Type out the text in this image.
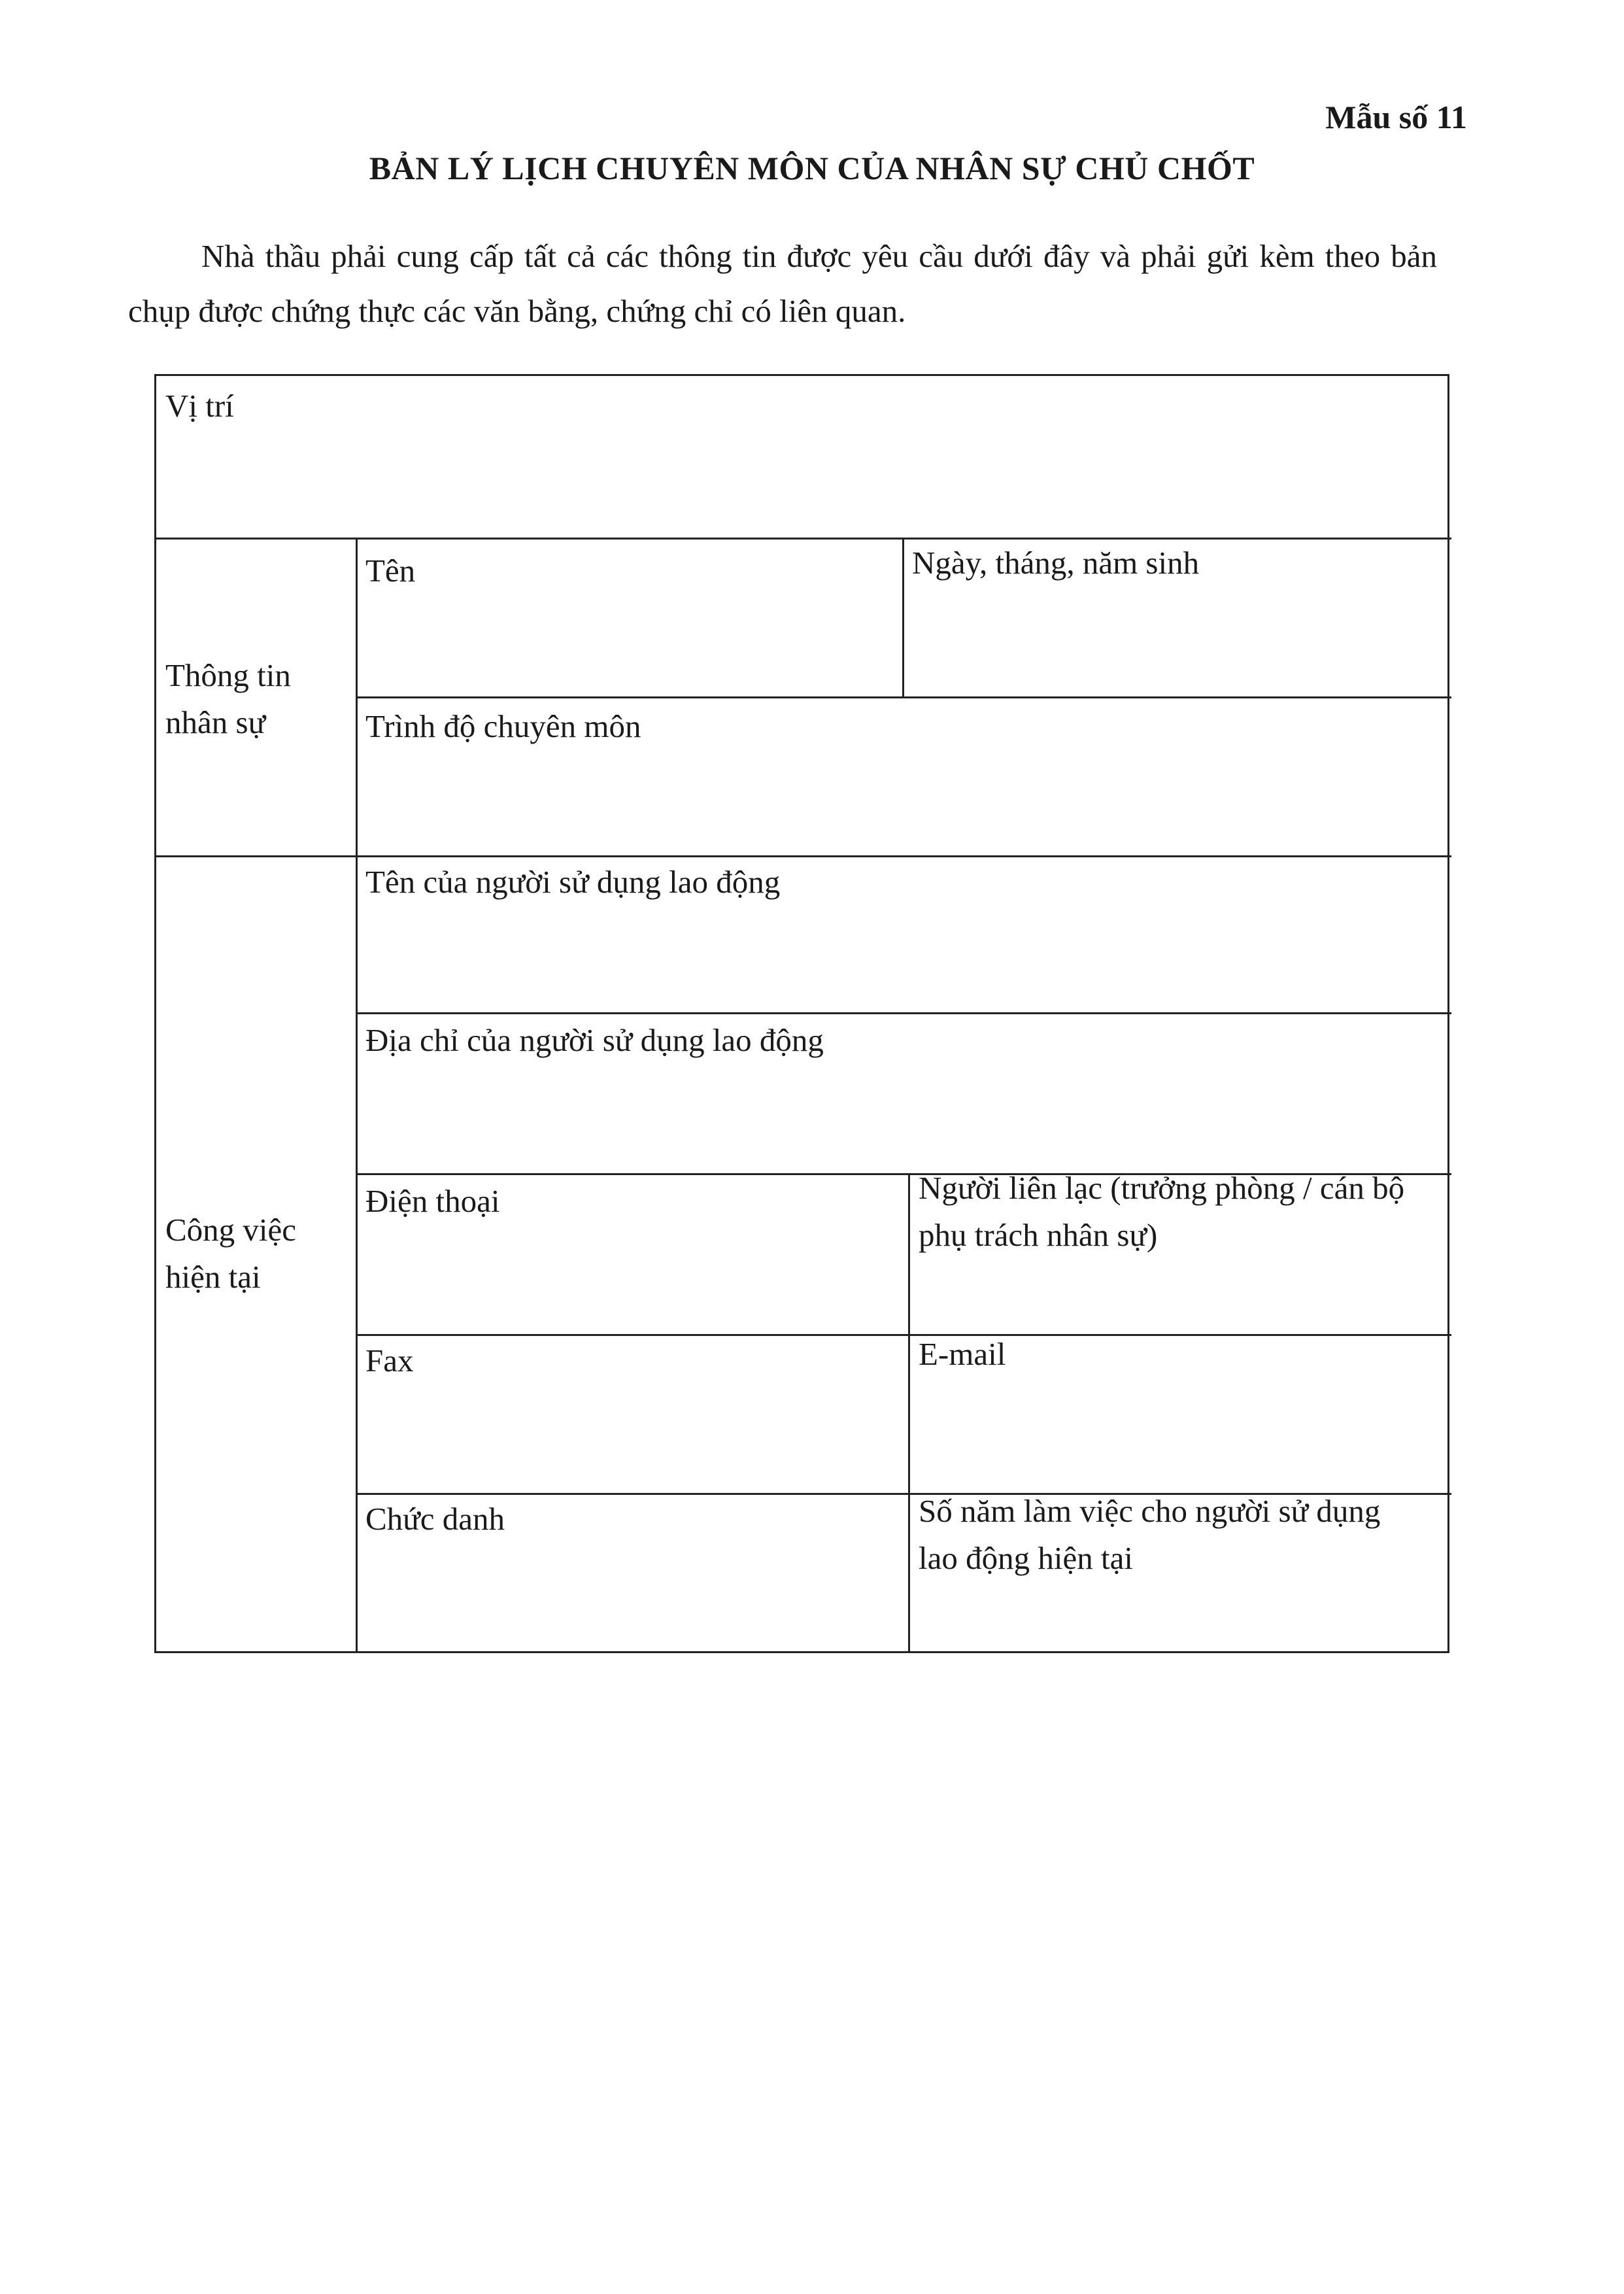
Mẫu số 11
BẢN LÝ LỊCH CHUYÊN MÔN CỦA NHÂN SỰ CHỦ CHỐT
Nhà thầu phải cung cấp tất cả các thông tin được yêu cầu dưới đây và phải gửi kèm theo bản chụp được chứng thực các văn bằng, chứng chỉ có liên quan.
Vị trí
Thông tin
nhân sự
Tên	Ngày, tháng, năm sinh
Trình độ chuyên môn
Công việc
hiện tại
Tên của người sử dụng lao động
Địa chỉ của người sử dụng lao động
Điện thoại	Người liên lạc (trưởng phòng / cán bộ
phụ trách nhân sự)
Fax	E-mail
Chức danh	Số năm làm việc cho người sử dụng
lao động hiện tại
